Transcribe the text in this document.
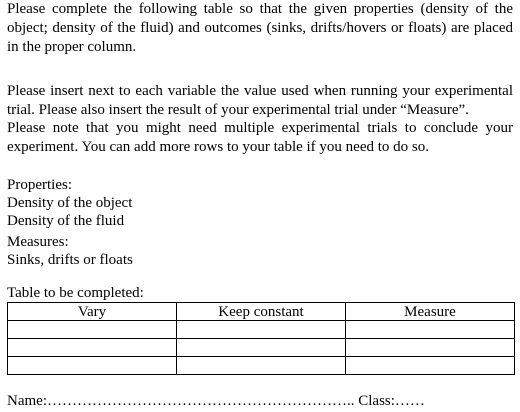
Please complete the following table so that the given properties (density of the object; density of the fluid) and outcomes (sinks, drifts/hovers or floats) are placed in the proper column.

Please insert next to each variable the value used when running your experimental trial. Please also insert the result of your experimental trial under “Measure”.

Please note that you might need multiple experimental trials to conclude your experiment. You can add more rows to your table if you need to do so.

Properties:
Density of the object
Density of the fluid
Measures:
Sinks, drifts or floats
Table to be completed:
Vary	Keep constant	Measure

Name:…………………………………………………….. Class:……
